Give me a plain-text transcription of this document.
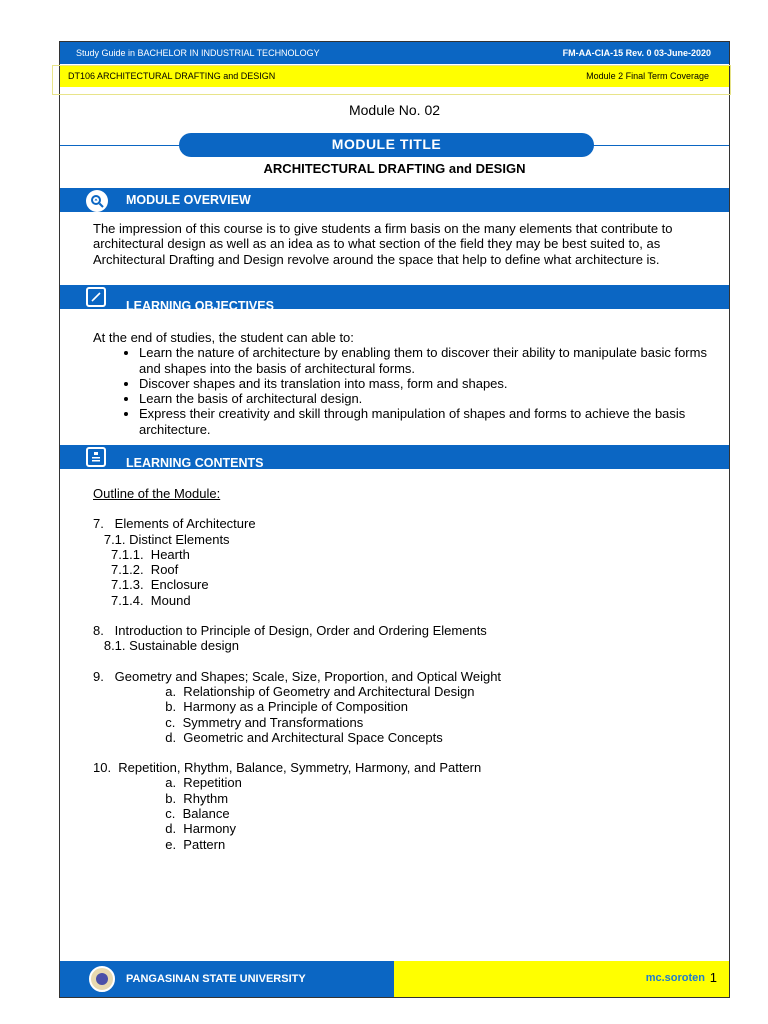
Study Guide in BACHELOR IN INDUSTRIAL TECHNOLOGY	FM-AA-CIA-15 Rev. 0 03-June-2020
DT106 ARCHITECTURAL DRAFTING and DESIGN	Module 2 Final Term Coverage
Module No. 02
MODULE TITLE
ARCHITECTURAL DRAFTING and DESIGN
MODULE OVERVIEW
The impression of this course is to give students a firm basis on the many elements that contribute to architectural design as well as an idea as to what section of the field they may be best suited to, as Architectural Drafting and Design revolve around the space that help to define what architecture is.
LEARNING OBJECTIVES
At the end of studies, the student can able to:
• Learn the nature of architecture by enabling them to discover their ability to manipulate basic forms and shapes into the basis of architectural forms.
• Discover shapes and its translation into mass, form and shapes.
• Learn the basis of architectural design.
• Express their creativity and skill through manipulation of shapes and forms to achieve the basis architecture.
LEARNING CONTENTS
Outline of the Module:
7.   Elements of Architecture
7.1. Distinct Elements
7.1.1.  Hearth
7.1.2.  Roof
7.1.3.  Enclosure
7.1.4.  Mound
8.   Introduction to Principle of Design, Order and Ordering Elements
8.1. Sustainable design
9.   Geometry and Shapes; Scale, Size, Proportion, and Optical Weight
a.  Relationship of Geometry and Architectural Design
b.  Harmony as a Principle of Composition
c.  Symmetry and Transformations
d.  Geometric and Architectural Space Concepts
10.  Repetition, Rhythm, Balance, Symmetry, Harmony, and Pattern
a.  Repetition
b.  Rhythm
c.  Balance
d.  Harmony
e.  Pattern
PANGASINAN STATE UNIVERSITY	mc.soroten 1
